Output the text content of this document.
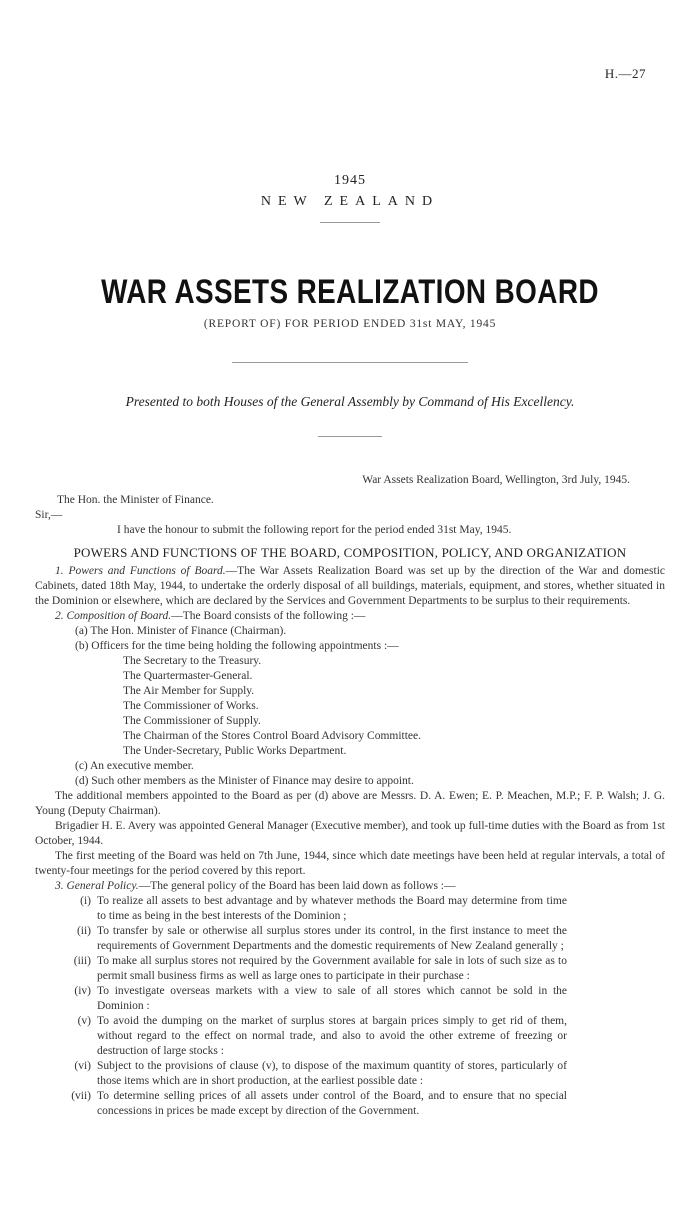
H.—27
1945
NEW ZEALAND
WAR ASSETS REALIZATION BOARD
(REPORT OF) FOR PERIOD ENDED 31st MAY, 1945
Presented to both Houses of the General Assembly by Command of His Excellency.
War Assets Realization Board, Wellington, 3rd July, 1945.
The Hon. the Minister of Finance.
Sir,—
I have the honour to submit the following report for the period ended 31st May, 1945.
POWERS AND FUNCTIONS OF THE BOARD, COMPOSITION, POLICY, AND ORGANIZATION

1. Powers and Functions of Board.—The War Assets Realization Board was set up by the direction of the War and domestic Cabinets, dated 18th May, 1944, to undertake the orderly disposal of all buildings, materials, equipment, and stores, whether situated in the Dominion or elsewhere, which are declared by the Services and Government Departments to be surplus to their requirements.

2. Composition of Board.—The Board consists of the following :—

(a) The Hon. Minister of Finance (Chairman).

(b) Officers for the time being holding the following appointments :—

The Secretary to the Treasury.

The Quartermaster-General.

The Air Member for Supply.

The Commissioner of Works.

The Commissioner of Supply.

The Chairman of the Stores Control Board Advisory Committee.

The Under-Secretary, Public Works Department.

(c) An executive member.

(d) Such other members as the Minister of Finance may desire to appoint.

The additional members appointed to the Board as per (d) above are Messrs. D. A. Ewen; E. P. Meachen, M.P.; F. P. Walsh; J. G. Young (Deputy Chairman).

Brigadier H. E. Avery was appointed General Manager (Executive member), and took up full-time duties with the Board as from 1st October, 1944.

The first meeting of the Board was held on 7th June, 1944, since which date meetings have been held at regular intervals, a total of twenty-four meetings for the period covered by this report.

3. General Policy.—The general policy of the Board has been laid down as follows :—

(i) To realize all assets to best advantage and by whatever methods the Board may determine from time to time as being in the best interests of the Dominion ;
(ii) To transfer by sale or otherwise all surplus stores under its control, in the first instance to meet the requirements of Government Departments and the domestic requirements of New Zealand generally ;
(iii) To make all surplus stores not required by the Government available for sale in lots of such size as to permit small business firms as well as large ones to participate in their purchase :
(iv) To investigate overseas markets with a view to sale of all stores which cannot be sold in the Dominion :
(v) To avoid the dumping on the market of surplus stores at bargain prices simply to get rid of them, without regard to the effect on normal trade, and also to avoid the other extreme of freezing or destruction of large stocks :
(vi) Subject to the provisions of clause (v), to dispose of the maximum quantity of stores, particularly of those items which are in short production, at the earliest possible date :
(vii) To determine selling prices of all assets under control of the Board, and to ensure that no special concessions in prices be made except by direction of the Government.
